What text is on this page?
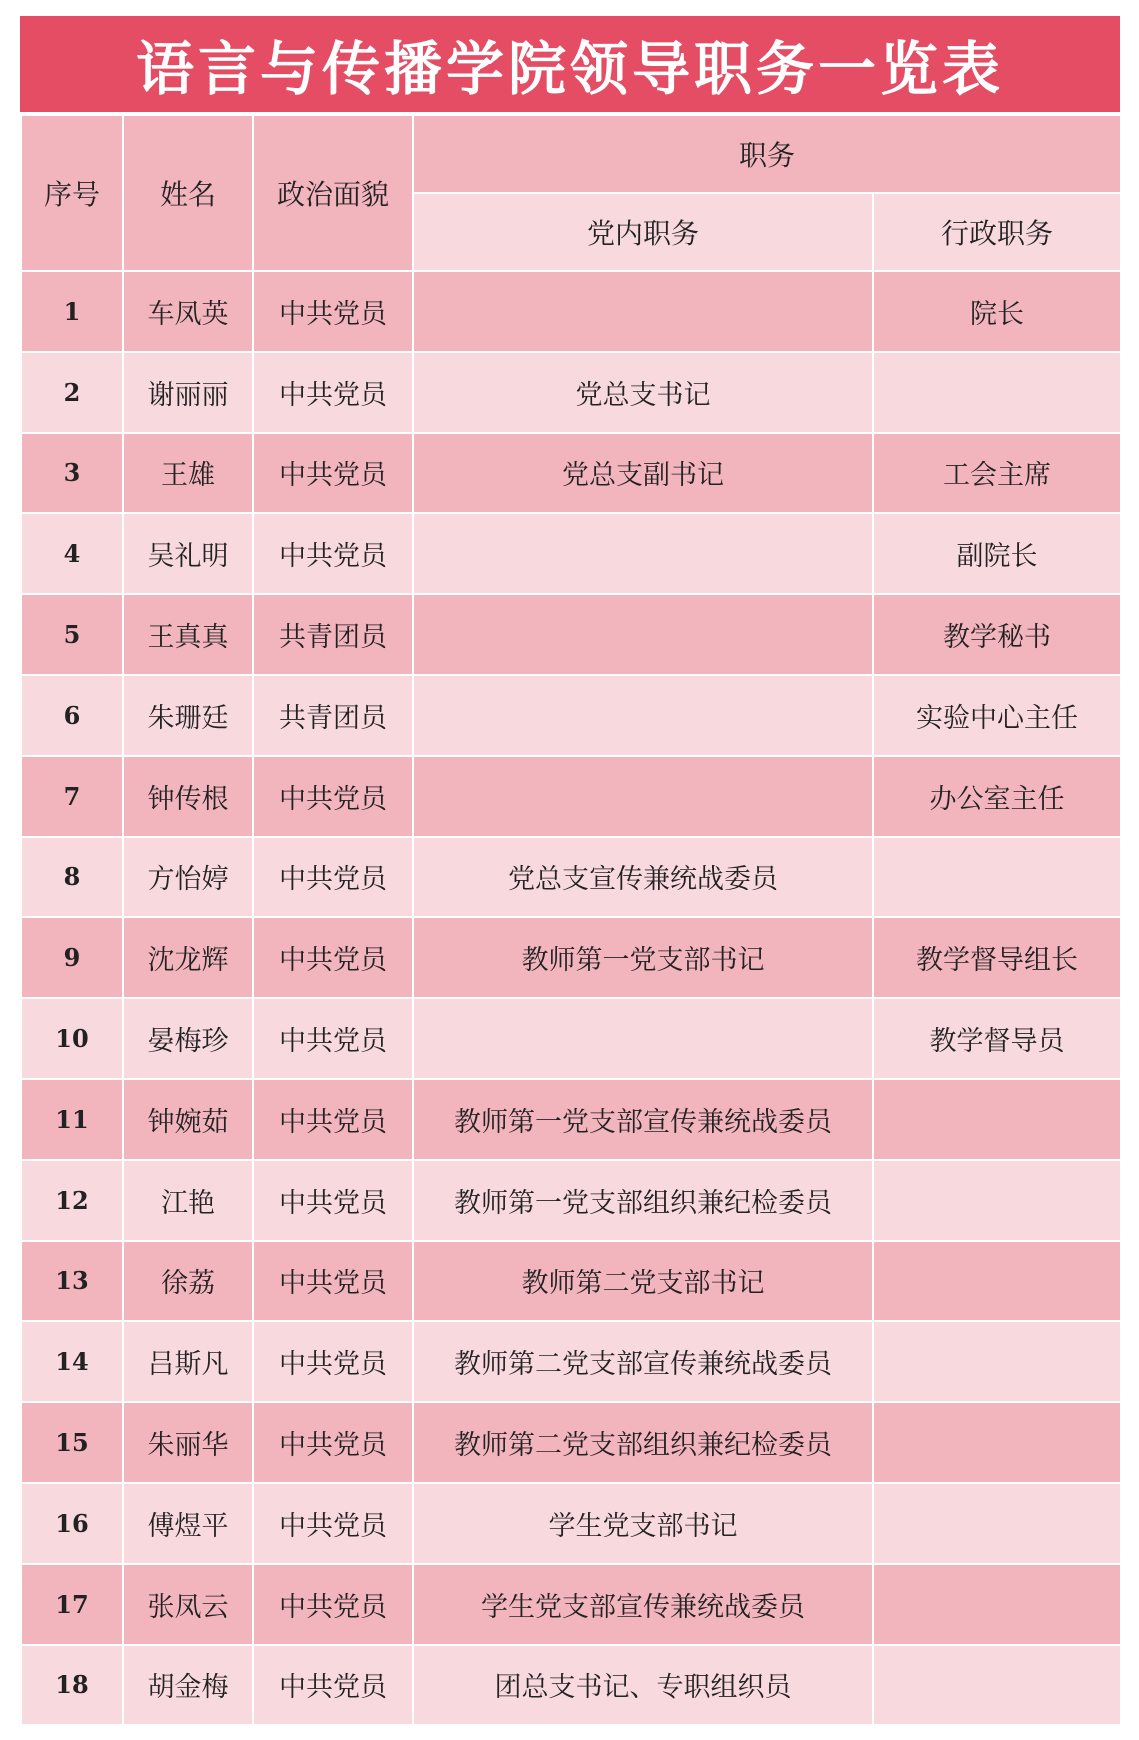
语言与传播学院领导职务一览表
序号	姓名	政治面貌	职务	
			党内职务	行政职务
1	车凤英	中共党员		院长
2	谢丽丽	中共党员	党总支书记	
3	王雄	中共党员	党总支副书记	工会主席
4	吴礼明	中共党员		副院长
5	王真真	共青团员		教学秘书
6	朱珊廷	共青团员		实验中心主任
7	钟传根	中共党员		办公室主任
8	方怡婷	中共党员	党总支宣传兼统战委员	
9	沈龙辉	中共党员	教师第一党支部书记	教学督导组长
10	晏梅珍	中共党员		教学督导员
11	钟婉茹	中共党员	教师第一党支部宣传兼统战委员	
12	江艳	中共党员	教师第一党支部组织兼纪检委员	
13	徐荔	中共党员	教师第二党支部书记	
14	吕斯凡	中共党员	教师第二党支部宣传兼统战委员	
15	朱丽华	中共党员	教师第二党支部组织兼纪检委员	
16	傅煜平	中共党员	学生党支部书记	
17	张凤云	中共党员	学生党支部宣传兼统战委员	
18	胡金梅	中共党员	团总支书记、专职组织员	
